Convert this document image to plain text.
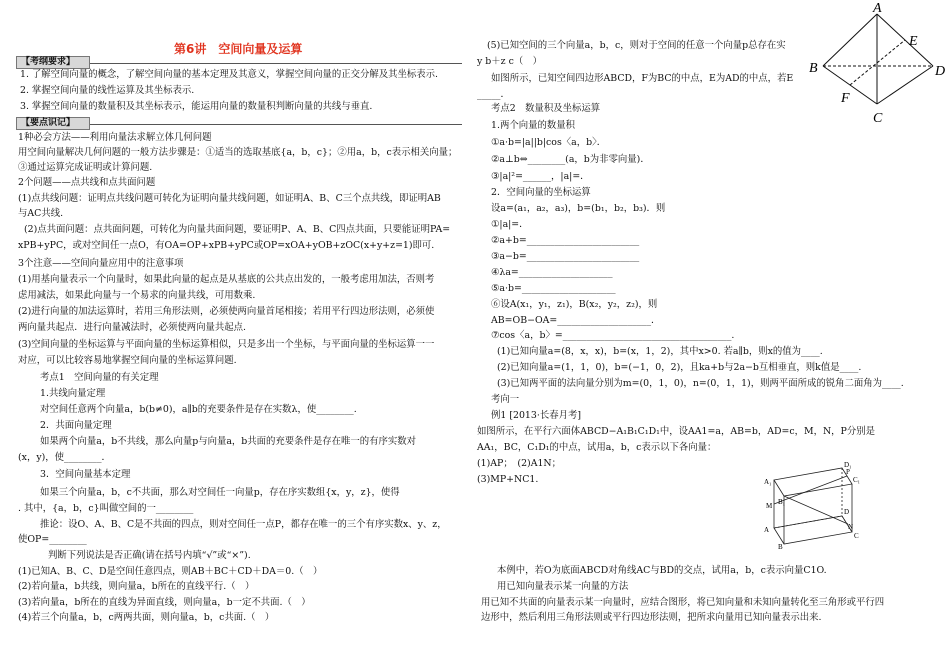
第6讲　空间向量及运算
【考纲要求】
1. 了解空间向量的概念，了解空间向量的基本定理及其意义，掌握空间向量的正交分解及其坐标表示.
2. 掌握空间向量的线性运算及其坐标表示.
3. 掌握空间向量的数量积及其坐标表示，能运用向量的数量积判断向量的共线与垂直.
【要点识记】
1种必会方法——利用向量法求解立体几何问题
用空间向量解决几何问题的一般方法步骤是：①适当的选取基底{a，b，c}；②用a，b，c表示相关向量；
③通过运算完成证明或计算问题.
2个问题——点共线和点共面问题
(1)点共线问题：证明点共线问题可转化为证明向量共线问题，如证明A、B、C三个点共线，即证明AB
与AC共线.
(2)点共面问题：点共面问题，可转化为向量共面问题，要证明P、A、B、C四点共面，只要能证明PA=
xPB+yPC，或对空间任一点O，有OA=OP+xPB+yPC或OP=xOA+yOB+zOC(x+y+z=1)即可.
3个注意——空间向量应用中的注意事项
(1)用基向量表示一个向量时，如果此向量的起点是从基底的公共点出发的，一般考虑用加法，否则考
虑用减法，如果此向量与一个易求的向量共线，可用数乘.
(2)进行向量的加法运算时，若用三角形法则，必须使两向量首尾相接；若用平行四边形法则，必须使
两向量共起点．进行向量减法时，必须使两向量共起点.
(3)空间向量的坐标运算与平面向量的坐标运算相似，只是多出一个坐标，与平面向量的坐标运算一一
对应，可以比较容易地掌握空间向量的坐标运算问题.
考点1　空间向量的有关定理
1.共线向量定理
对空间任意两个向量a，b(b≠0)，a∥b的充要条件是存在实数λ，使________.
2．共面向量定理
如果两个向量a，b不共线，那么向量p与向量a，b共面的充要条件是存在唯一的有序实数对
(x，y)，使________．
3．空间向量基本定理
如果三个向量a，b，c不共面，那么对空间任一向量p，存在序实数组{x，y，z}，使得
. 其中，{a，b，c}叫做空间的一________
推论：设O、A、B、C是不共面的四点，则对空间任一点P，都存在唯一的三个有序实数x、y、z，
使OP=________
判断下列说法是否正确(请在括号内填“√”或“×”).
(1)已知A、B、C、D是空间任意四点，则AB＋BC＋CD＋DA＝0.（　）
(2)若向量a，b共线，则向量a，b所在的直线平行.（　）
(3)若向量a，b所在的直线为异面直线，则向量a，b一定不共面.（　）
(4)若三个向量a，b，c两两共面，则向量a，b，c共面.（　）
(5)已知空间的三个向量a，b，c，则对于空间的任意一个向量p总存在实
y b＋z c（　）
如图所示，已知空间四边形ABCD，F为BC的中点，E为AD的中点，若E
_____．
考点2　数量积及坐标运算
1.两个向量的数量积
①a·b=|a||b|cos〈a，b〉．
②a⊥b⇔________(a，b为非零向量)．
③|a|²=______，|a|=．
2．空间向量的坐标运算
设a=(a₁，a₂，a₃)，b=(b₁，b₂，b₃)．则
①|a|=．
②a+b=________________________
③a−b=________________________
④λa=____________________
⑤a·b=____________________
⑥设A(x₁，y₁，z₁)，B(x₂，y₂，z₂)，则
AB=OB−OA=____________________．
⑦cos〈a，b〉=____________________________________.
(1)已知向量a=(8，x，x)，b=(x，1，2)，其中x>0. 若a∥b，则x的值为____.
(2)已知向量a=(1，1，0)，b=(−1，0，2)，且ka+b与2a−b互相垂直，则k值是____.
(3)已知两平面的法向量分别为m=(0，1，0)，n=(0，1，1)，则两平面所成的锐角二面角为____.
考向一
例1 [2013·长春月考]
如图所示，在平行六面体ABCD−A₁B₁C₁D₁中，设AA1=a，AB=b，AD=c，M，N，P分别是
AA₁，BC，C₁D₁的中点，试用a，b，c表示以下各向量：
(1)AP；　(2)A1N；
(3)MP+NC1.
本例中，若O为底面ABCD对角线AC与BD的交点，试用a，b，c表示向量C1O.
用已知向量表示某一向量的方法
用已知不共面的向量表示某一向量时，应结合图形，将已知向量和未知向量转化至三角形或平行四
边形中，然后利用三角形法则或平行四边形法则，把所求向量用已知向量表示出来.
A
B
C
D
E
F
A₁
D₁
C₁
B₁
A
D
C
B
M
N
P
